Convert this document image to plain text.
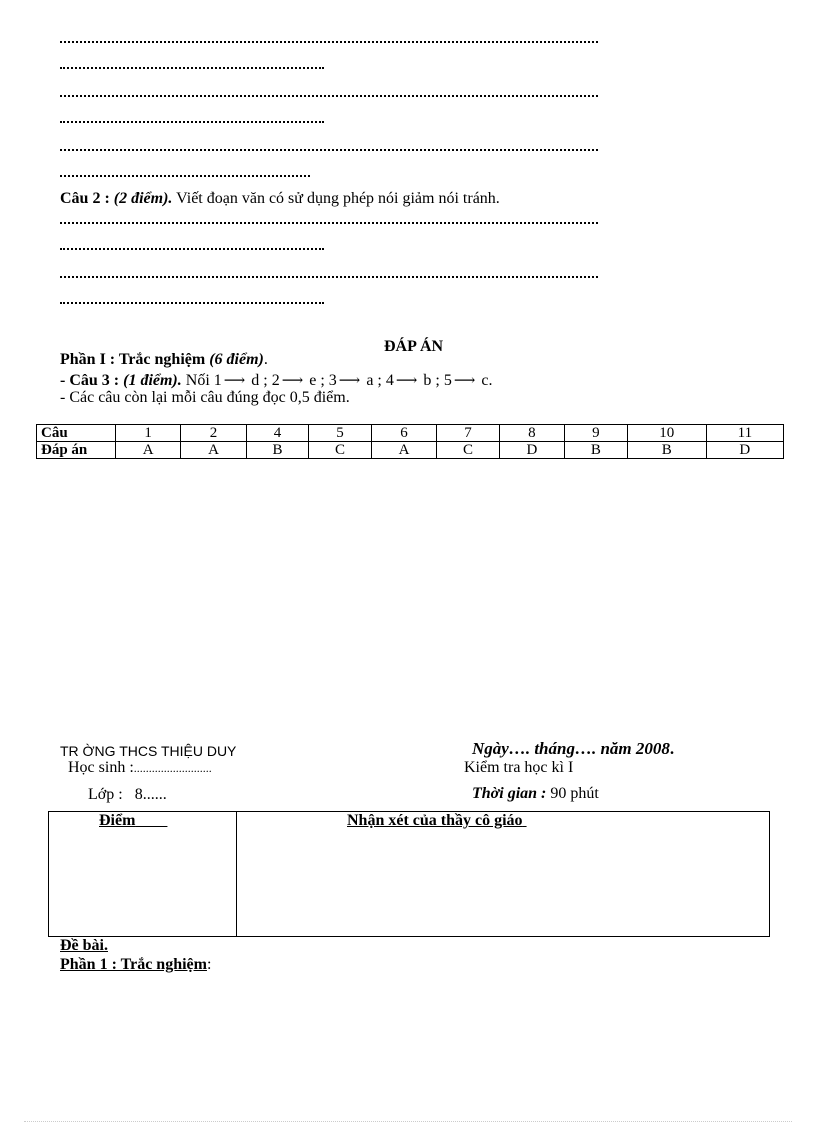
Câu 2 : (2 điểm). Viết đoạn văn có sử dụng phép nói giảm nói tránh.
ĐÁP ÁN
Phần I : Trắc nghiệm (6 điểm).
- Câu 3 : (1 điểm). Nối 1 ⟶ d ; 2 ⟶ e ; 3 ⟶ a ; 4 ⟶ b ; 5 ⟶ c.
- Các câu còn lại mỗi câu đúng đọc 0,5 điểm.
Câu	1	2	4	5	6	7	8	9	10	11
Đáp án	A	A	B	C	A	C	D	B	B	D
TR ỜNG THCS THIỆU DUY	Ngày…. tháng…. năm 2008.
Học sinh :..........................	Kiểm tra học kì I
Lớp : 8......	Thời gian : 90 phút
Điểm	Nhận xét của thầy cô giáo
Đề bài.
Phần 1 : Trắc nghiệm:
